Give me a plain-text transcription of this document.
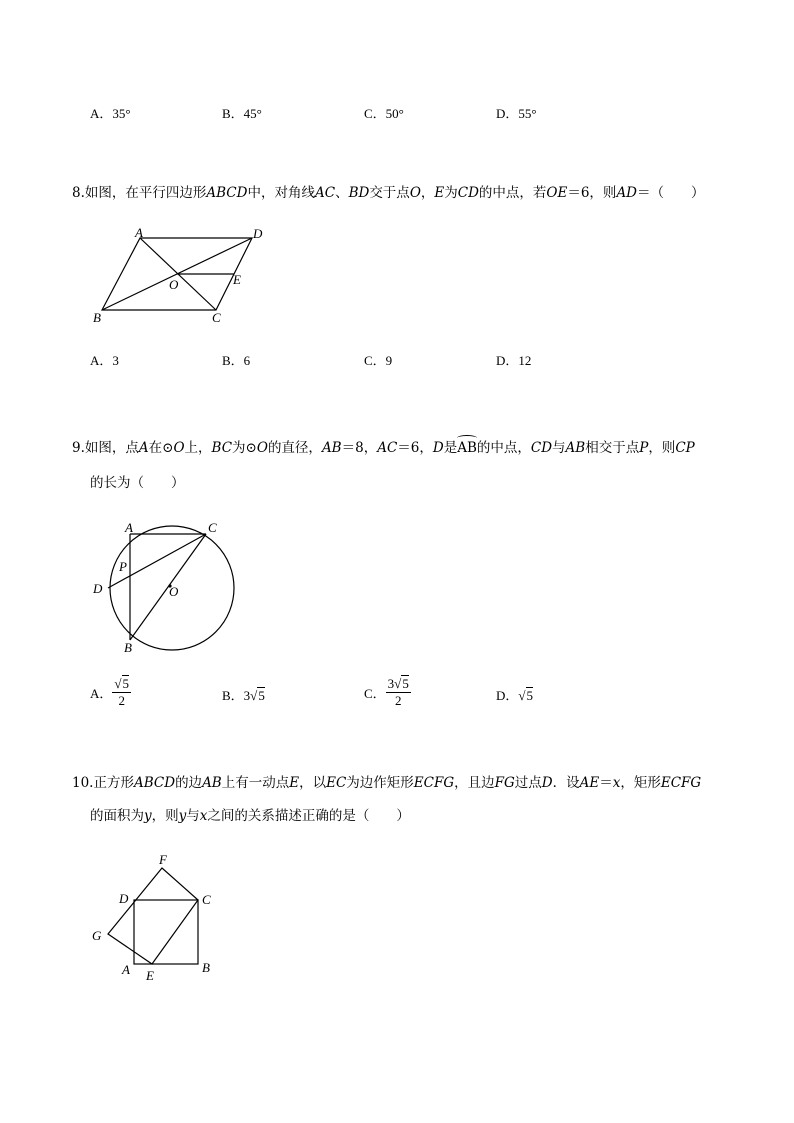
A．35°	B．45°	C．50°	D．55°
8.如图，在平行四边形ABCD中，对角线AC、BD交于点O，E为CD的中点，若OE＝6，则AD＝（　　）
A	D
O	E
B	C
A．3	B．6	C．9	D．12
9.如图，点A在⊙O上，BC为⊙O的直径，AB＝8，AC＝6，D是AB的中点，CD与AB相交于点P，则CP
的长为（　　）
A	C
P
D	O
B
A． $\frac{√5}{2}$	B．3√5	C． $\frac{3√5}{2}$	D．√5
10.正方形ABCD的边AB上有一动点E，以EC为边作矩形ECFG，且边FG过点D．设AE＝x，矩形ECFG
的面积为y，则y与x之间的关系描述正确的是（　　）
F
D	C
G
A E
B
